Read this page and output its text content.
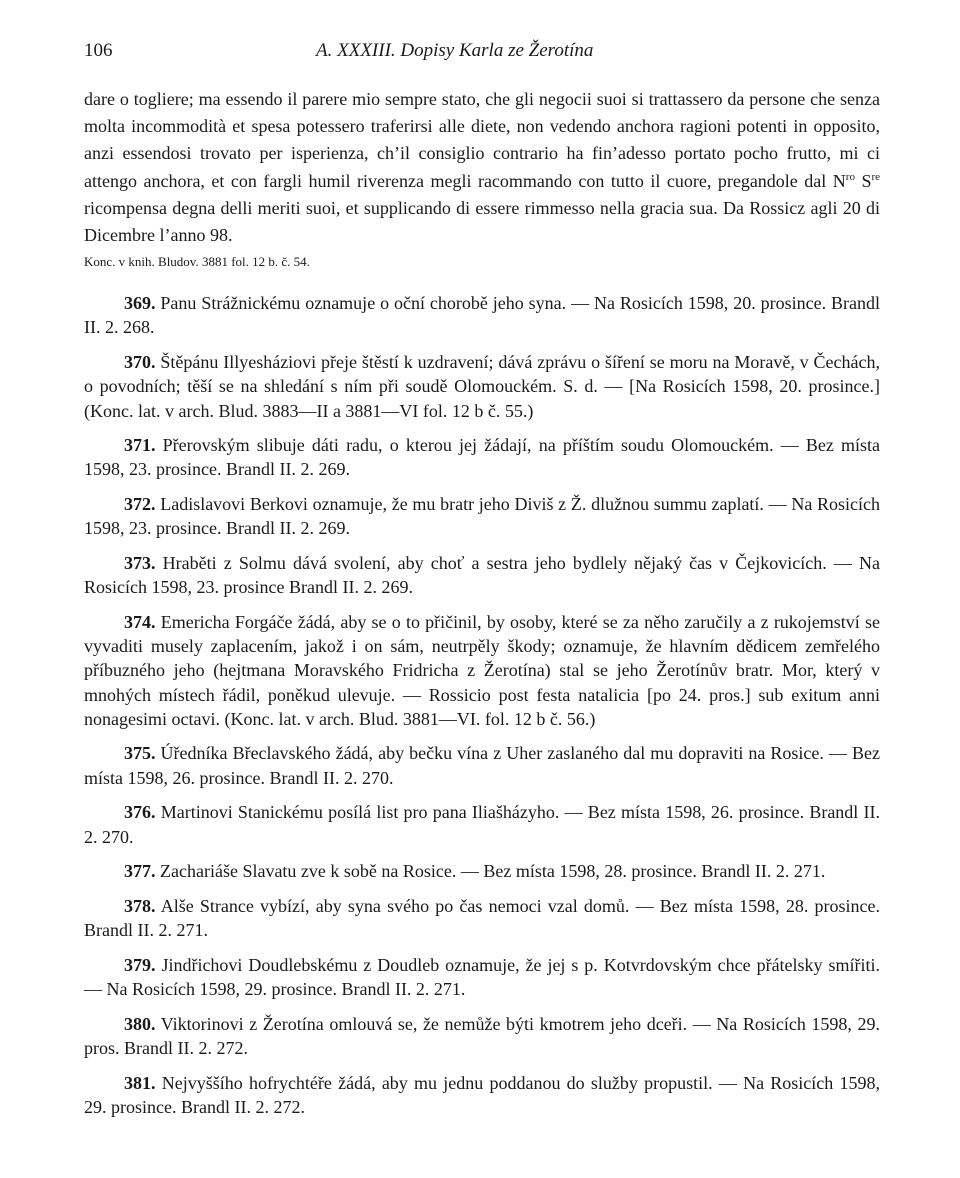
106	A. XXXIII. Dopisy Karla ze Žerotína

dare o togliere; ma essendo il parere mio sempre stato, che gli negocii suoi si trattassero da persone che senza molta incommodità et spesa potessero traferirsi alle diete, non vedendo anchora ragioni potenti in opposito, anzi essendosi trovato per isperienza, ch’il consiglio contrario ha fin’adesso portato pocho frutto, mi ci attengo anchora, et con fargli humil riverenza megli racommando con tutto il cuore, pregandole dal $N^{ro}$ $S^{re}$ ricompensa degna delli meriti suoi, et supplicando di essere rimmesso nella gracia sua. Da Rossicz agli 20 di Dicembre l’anno 98.

Konc. v knih. Bludov. 3881 fol. 12 b. č. 54.

369. Panu Strážnickému oznamuje o oční chorobě jeho syna. — Na Rosicích 1598, 20. prosince. Brandl II. 2. 268.

370. Štěpánu Illyesháziovi přeje štěstí k uzdravení; dává zprávu o šíření se moru na Moravě, v Čechách, o povodních; těší se na shledání s ním při soudě Olomouckém. S. d. — [Na Rosicích 1598, 20. prosince.] (Konc. lat. v arch. Blud. 3883—II a 3881—VI fol. 12 b č. 55.)

371. Přerovským slibuje dáti radu, o kterou jej žádají, na příštím soudu Olomouckém. — Bez místa 1598, 23. prosince. Brandl II. 2. 269.

372. Ladislavovi Berkovi oznamuje, že mu bratr jeho Diviš z Ž. dlužnou summu zaplatí. — Na Rosicích 1598, 23. prosince. Brandl II. 2. 269.

373. Hraběti z Solmu dává svolení, aby choť a sestra jeho bydlely nějaký čas v Čejkovicích. — Na Rosicích 1598, 23. prosince Brandl II. 2. 269.

374. Emericha Forgáče žádá, aby se o to přičinil, by osoby, které se za něho zaručily a z rukojemství se vyvaditi musely zaplacením, jakož i on sám, neutrpěly škody; oznamuje, že hlavním dědicem zemřelého příbuzného jeho (hejtmana Moravského Fridricha z Žerotína) stal se jeho Žerotínův bratr. Mor, který v mnohých místech řádil, poněkud ulevuje. — Rossicio post festa natalicia [po 24. pros.] sub exitum anni nonagesimi octavi. (Konc. lat. v arch. Blud. 3881—VI. fol. 12 b č. 56.)

375. Úředníka Břeclavského žádá, aby bečku vína z Uher zaslaného dal mu dopraviti na Rosice. — Bez místa 1598, 26. prosince. Brandl II. 2. 270.

376. Martinovi Stanickému posílá list pro pana Iliašházyho. — Bez místa 1598, 26. prosince. Brandl II. 2. 270.

377. Zachariáše Slavatu zve k sobě na Rosice. — Bez místa 1598, 28. prosince. Brandl II. 2. 271.

378. Alše Strance vybízí, aby syna svého po čas nemoci vzal domů. — Bez místa 1598, 28. prosince. Brandl II. 2. 271.

379. Jindřichovi Doudlebskému z Doudleb oznamuje, že jej s p. Kotvrdovským chce přátelsky smířiti. — Na Rosicích 1598, 29. prosince. Brandl II. 2. 271.

380. Viktorinovi z Žerotína omlouvá se, že nemůže býti kmotrem jeho dceři. — Na Rosicích 1598, 29. pros. Brandl II. 2. 272.

381. Nejvyššího hofrychtéře žádá, aby mu jednu poddanou do služby propustil. — Na Rosicích 1598, 29. prosince. Brandl II. 2. 272.
